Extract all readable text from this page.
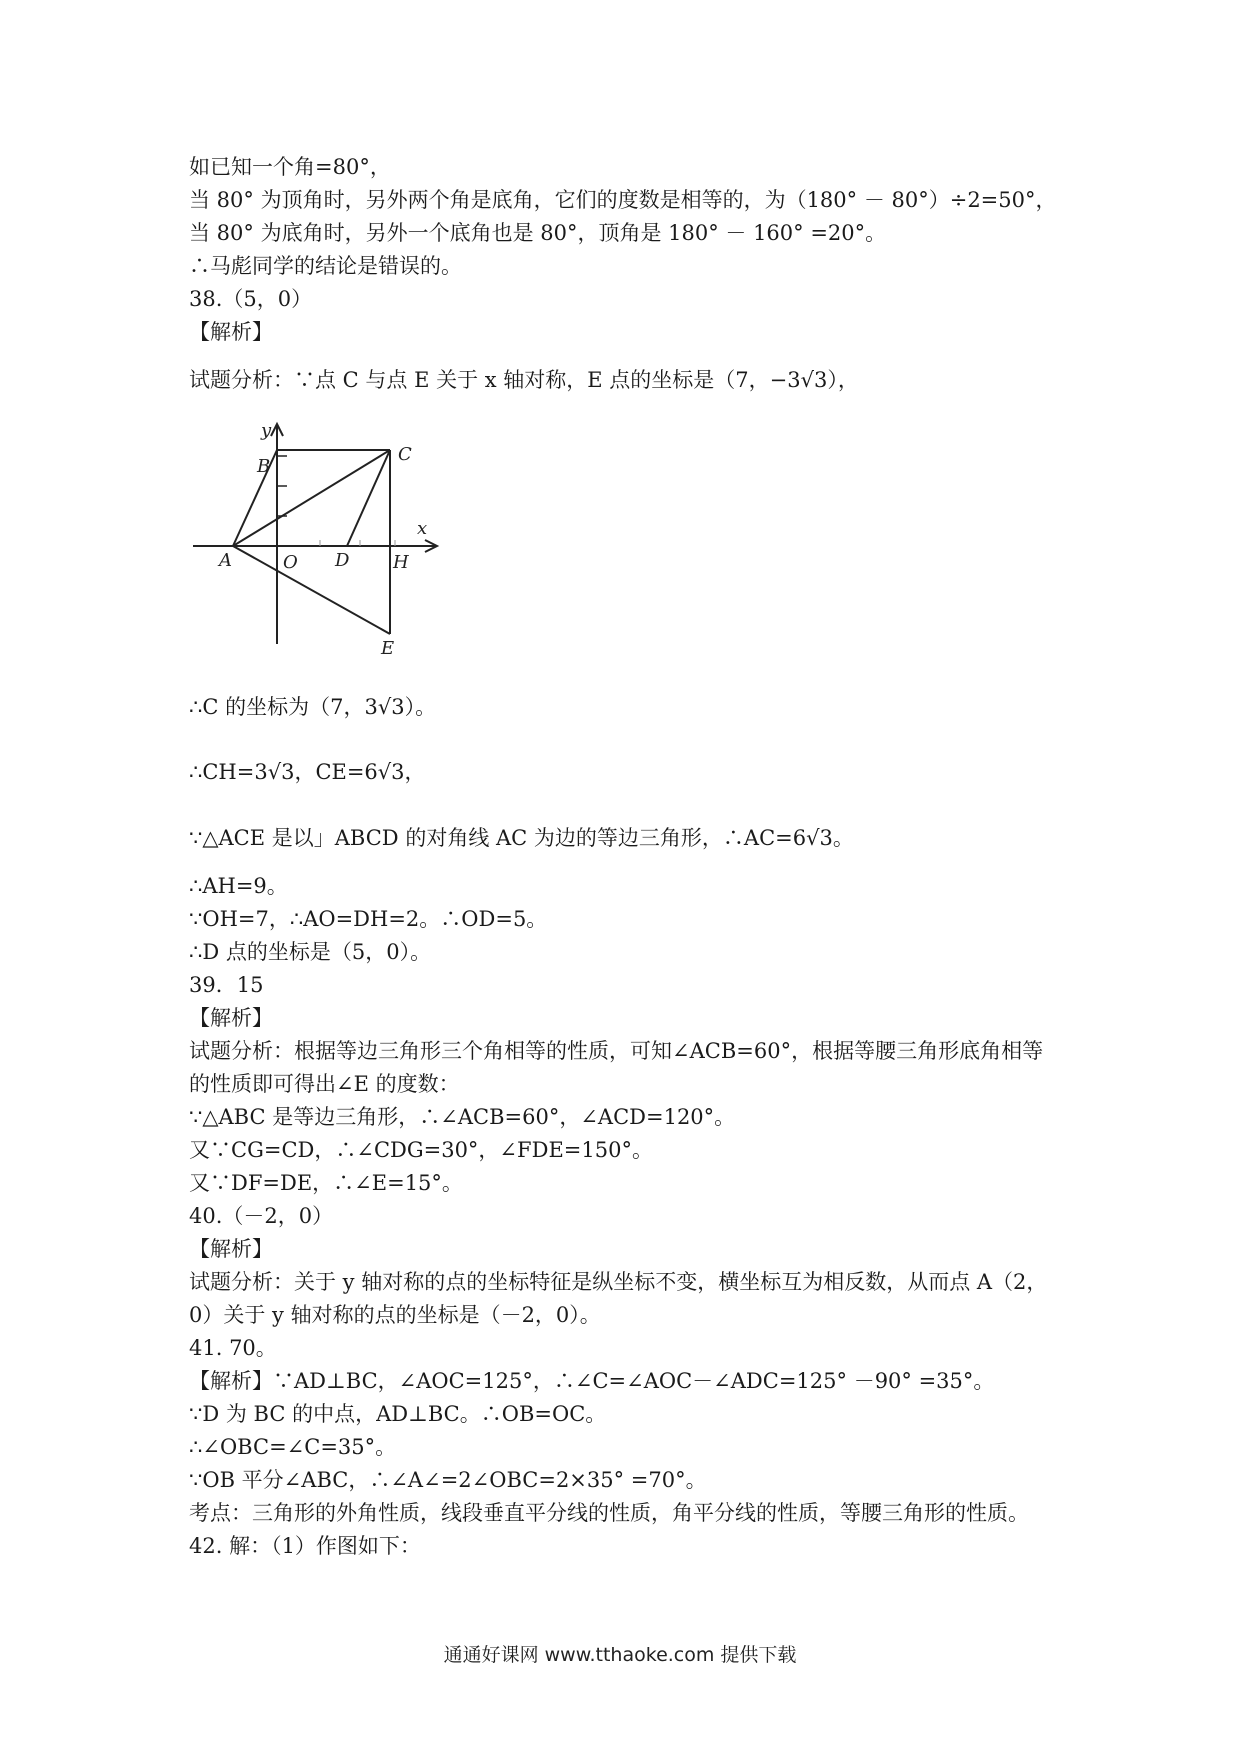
如已知一个角=80°，
当 80° 为顶角时，另外两个角是底角，它们的度数是相等的，为（180° － 80°）÷2=50°，
当 80° 为底角时，另外一个底角也是 80°，顶角是 180° － 160° =20°。
∴马彪同学的结论是错误的。
38.（5，0）
【解析】
试题分析：∵点 C 与点 E 关于 x 轴对称，E 点的坐标是（7，−3√3），
∴C 的坐标为（7，3√3）。
∴CH=3√3，CE=6√3，
∵△ACE 是以」ABCD 的对角线 AC 为边的等边三角形，∴AC=6√3。
∴AH=9。
∵OH=7，∴AO=DH=2。∴OD=5。
∴D 点的坐标是（5，0）。
39．15
【解析】
试题分析：根据等边三角形三个角相等的性质，可知∠ACB=60°，根据等腰三角形底角相等
的性质即可得出∠E 的度数：
∵△ABC 是等边三角形，∴∠ACB=60°，∠ACD=120°。
又∵CG=CD，∴∠CDG=30°，∠FDE=150°。
又∵DF=DE，∴∠E=15°。
40.（－2，0）
【解析】
试题分析：关于 y 轴对称的点的坐标特征是纵坐标不变，横坐标互为相反数，从而点 A（2，
0）关于 y 轴对称的点的坐标是（－2，0）。
41. 70。
【解析】∵AD⊥BC，∠AOC=125°，∴∠C=∠AOC－∠ADC=125° －90° =35°。
∵D 为 BC 的中点，AD⊥BC。∴OB=OC。
∴∠OBC=∠C=35°。
∵OB 平分∠ABC，∴∠A∠=2∠OBC=2×35° =70°。
考点：三角形的外角性质，线段垂直平分线的性质，角平分线的性质，等腰三角形的性质。
42. 解：（1）作图如下：
y
B
C
x
A	O D H
E
通通好课网 www.tthaoke.com 提供下载
